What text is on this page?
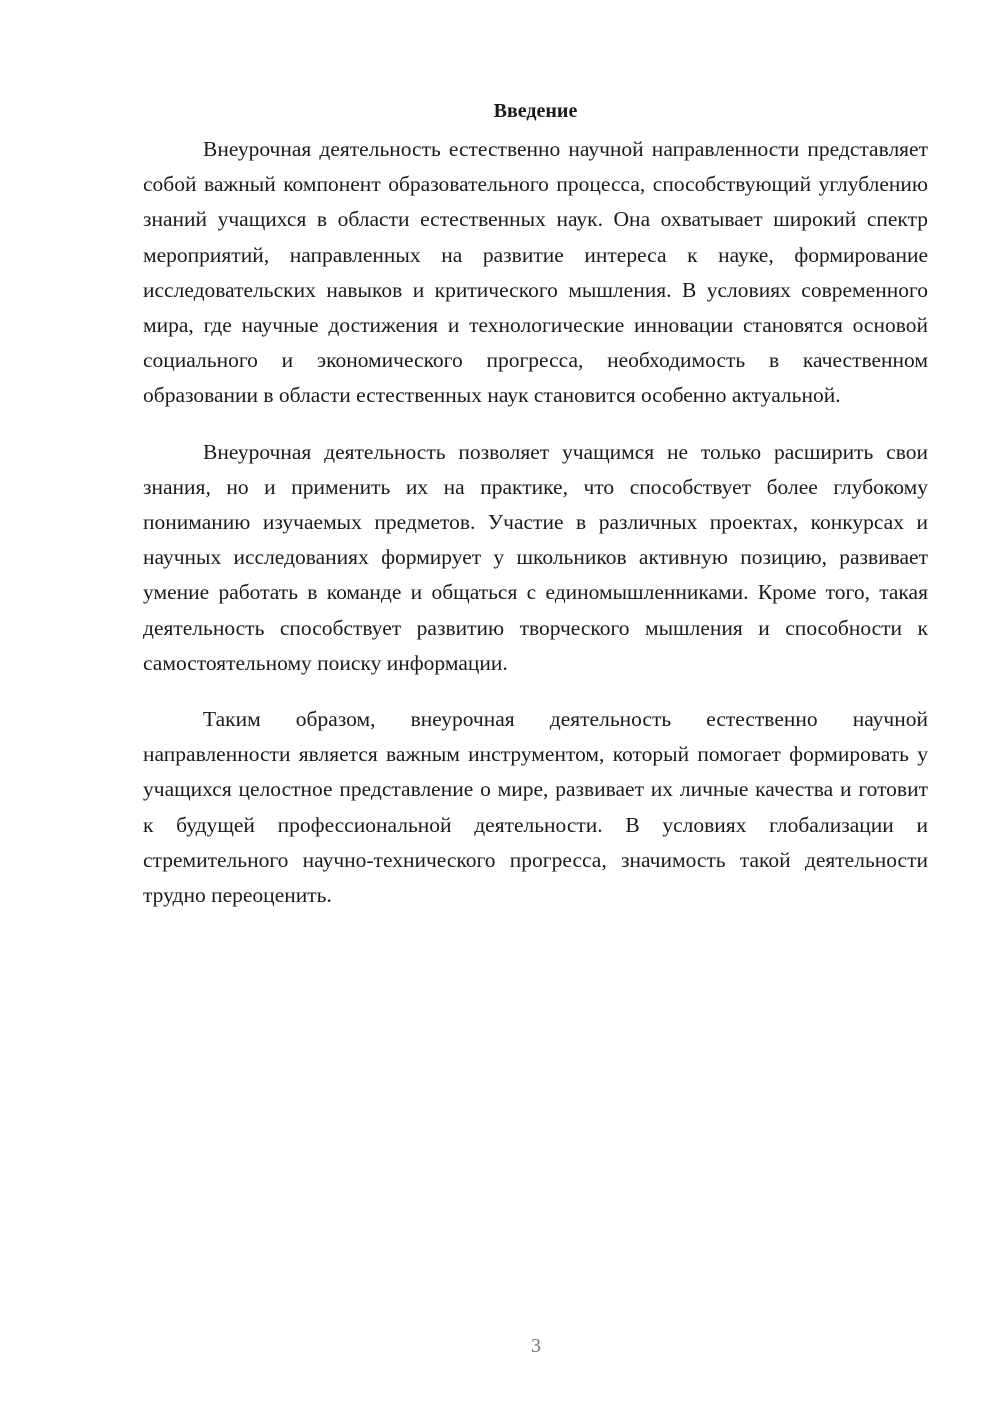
Введение

Внеурочная деятельность естественно научной направленности представляет собой важный компонент образовательного процесса, способствующий углублению знаний учащихся в области естественных наук. Она охватывает широкий спектр мероприятий, направленных на развитие интереса к науке, формирование исследовательских навыков и критического мышления. В условиях современного мира, где научные достижения и технологические инновации становятся основой социального и экономического прогресса, необходимость в качественном образовании в области естественных наук становится особенно актуальной.

Внеурочная деятельность позволяет учащимся не только расширить свои знания, но и применить их на практике, что способствует более глубокому пониманию изучаемых предметов. Участие в различных проектах, конкурсах и научных исследованиях формирует у школьников активную позицию, развивает умение работать в команде и общаться с единомышленниками. Кроме того, такая деятельность способствует развитию творческого мышления и способности к самостоятельному поиску информации.

Таким образом, внеурочная деятельность естественно научной направленности является важным инструментом, который помогает формировать у учащихся целостное представление о мире, развивает их личные качества и готовит к будущей профессиональной деятельности. В условиях глобализации и стремительного научно-технического прогресса, значимость такой деятельности трудно переоценить.

3
